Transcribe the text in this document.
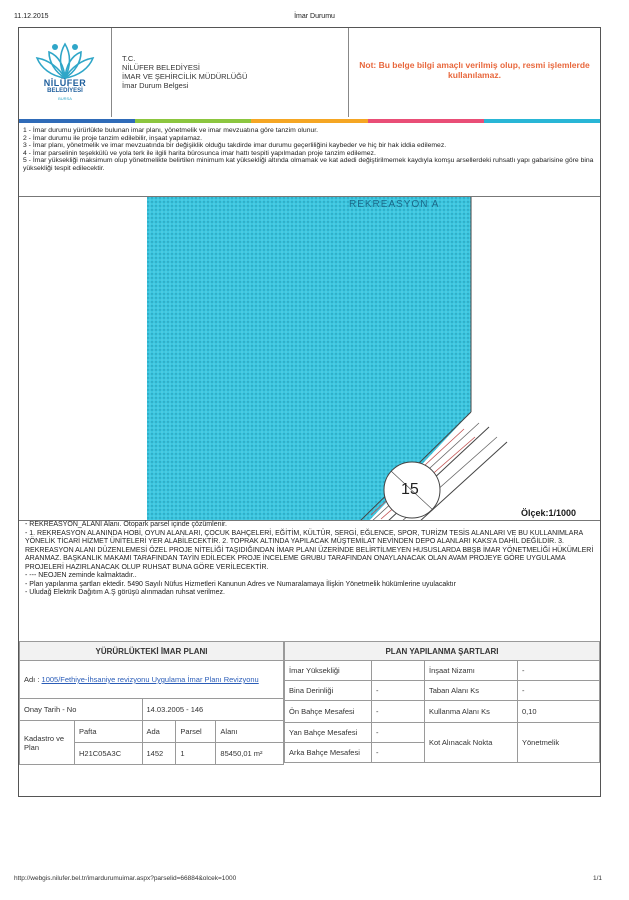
11.12.2015	İmar Durumu
NİLÜFER
BELEDİYESİ
BURSA
T.C.
NİLÜFER BELEDİYESİ
İMAR VE ŞEHİRCİLİK MÜDÜRLÜĞÜ
İmar Durum Belgesi
Not: Bu belge bilgi amaçlı verilmiş olup, resmi işlemlerde kullanılamaz.
1 - İmar durumu yürürlükte bulunan imar planı, yönetmelik ve imar mevzuatına göre tanzim olunur.
2 - İmar durumu ile proje tanzim edilebilir, inşaat yapılamaz.
3 - İmar planı, yönetmelik ve imar mevzuatında bir değişiklik olduğu takdirde imar durumu geçerliliğini kaybeder ve hiç bir hak iddia edilemez.
4 - İmar parselinin teşekkülü ve yola terk ile ilgili harita bürosunca imar hattı tespiti yapılmadan proje tanzim edilemez.
5 - İmar yüksekliği maksimum olup yönetmelikte belirtilen minimum kat yüksekliği altında olmamak ve kat adedi değiştirilmemek kaydıyla komşu arsellerdeki ruhsatlı yapı gabarisine göre bina yüksekliği tespit edilecektir.
REKREASYON A
15
Ölçek:1/1000
- REKREASYON_ALANI Alanı. Otopark parsel içinde çözümlenir.
- 1. REKREASYON ALANINDA HOBİ, OYUN ALANLARI, ÇOCUK BAHÇELERİ, EĞİTİM, KÜLTÜR, SERGİ, EĞLENCE, SPOR, TURİZM TESİS ALANLARI VE BU KULLANIMLARA YÖNELİK TİCARİ HİZMET ÜNİTELERİ YER ALABİLECEKTİR. 2. TOPRAK ALTINDA YAPILACAK MÜŞTEMİLAT NEVİNDEN DEPO ALANLARI KAKS'A DAHİL DEĞİLDİR. 3. REKREASYON ALANI DÜZENLEMESİ ÖZEL PROJE NİTELİĞİ TAŞIDIĞINDAN İMAR PLANI ÜZERİNDE BELİRTİLMEYEN HUSUSLARDA BBŞB İMAR YÖNETMELİĞİ HÜKÜMLERİ ARANMAZ. BAŞKANLIK MAKAMI TARAFINDAN TAYİN EDİLECEK PROJE İNCELEME GRUBU TARAFINDAN ONAYLANACAK OLAN AVAM PROJEYE GÖRE UYGULAMA PROJELERİ HAZIRLANACAK OLUP RUHSAT BUNA GÖRE VERİLECEKTİR.
- --- NEOJEN zeminde kalmaktadır..
- Plan yapılanma şartları ektedir. 5490 Sayılı Nüfus Hizmetleri Kanunun Adres ve Numaralamaya İlişkin Yönetmelik hükümlerine uyulacaktır
- Uludağ Elektrik Dağıtım A.Ş görüşü alınmadan ruhsat verilmez.
YÜRÜRLÜKTEKİ İMAR PLANI				
Adı : 1005/Fethiye-İhsaniye revizyonu Uygulama İmar Planı Revizyonu				
Onay Tarih - No		14.03.2005 - 146		
Kadastro ve Plan	Pafta	Ada	Parsel	Alanı
	H21C05A3C	1452	1	85450,01 m²
PLAN YAPILANMA ŞARTLARI			
İmar Yüksekliği		İnşaat Nizamı	-
Bina Derinliği	-	Taban Alanı Ks	-
Ön Bahçe Mesafesi	-	Kullanma Alanı Ks	0,10
Yan Bahçe Mesafesi	-	Kot Alınacak Nokta	Yönetmelik
Arka Bahçe Mesafesi	-		
http://webgis.nilufer.bel.tr/imardurumuimar.aspx?parselid=66884&olcek=1000	1/1
